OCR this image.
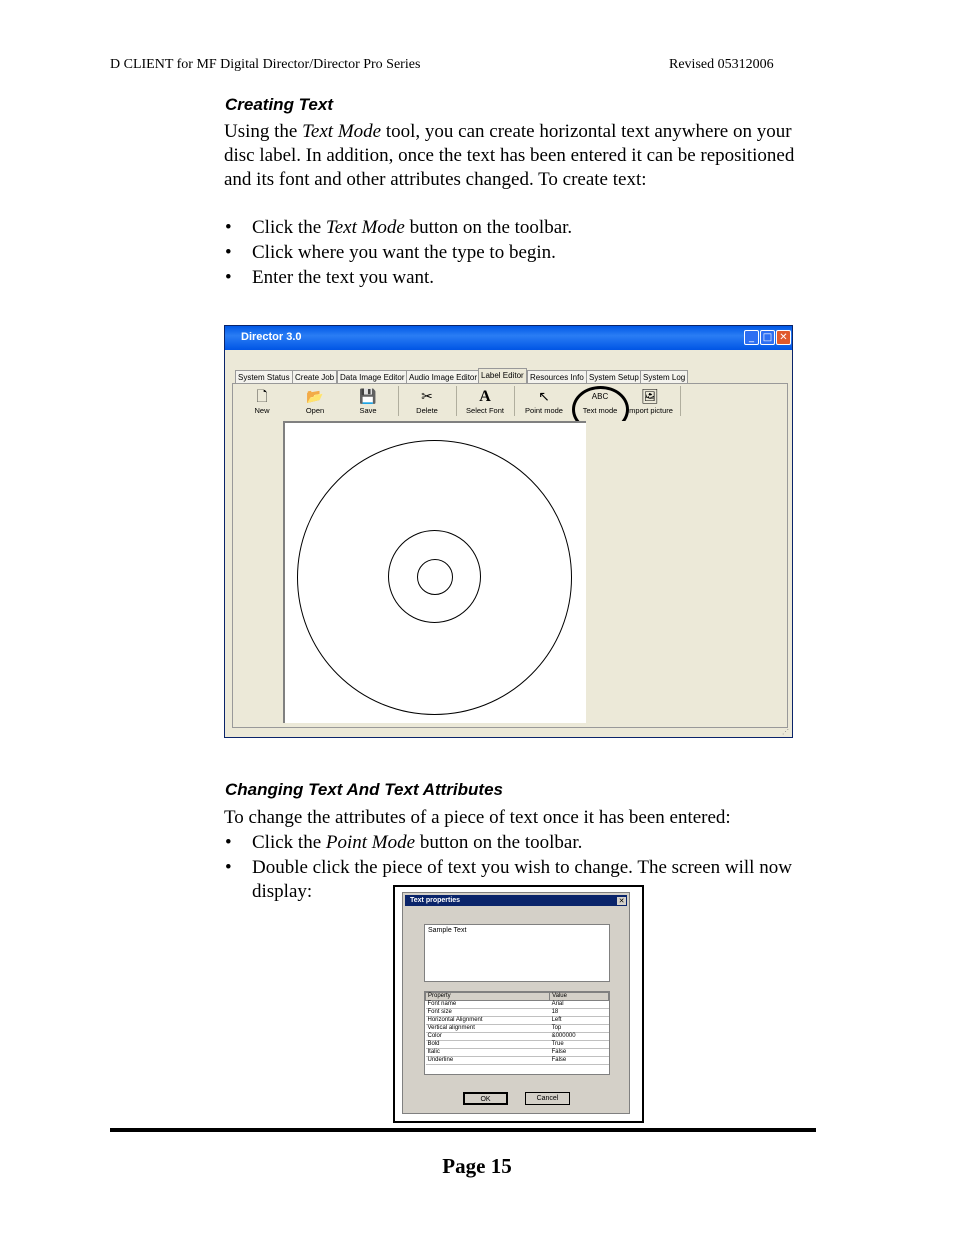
D CLIENT for MF Digital Director/Director Pro Series	Revised 05312006
Creating Text
Using the Text Mode tool, you can create horizontal text anywhere on your
disc label. In addition, once the text has been entered it can be repositioned
and its font and other attributes changed. To create text:
• Click the Text Mode button on the toolbar.
• Click where you want the type to begin.
• Enter the text you want.
Director 3.0	_ □ ✕
System Status Create Job Data Image Editor Audio Image Editor Label Editor Resources Info System Setup System Log
🗋
New
📂
Open
💾
Save
✂
Delete
A
Select Font
↖
Point mode
ABC
Text mode
🖼
Import picture
⋰
Changing Text And Text Attributes
To change the attributes of a piece of text once it has been entered:
• Click the Point Mode button on the toolbar.
• Double click the piece of text you wish to change. The screen will now
display:	Text properties	✕
Sample Text
Property	Value
Font name	Arial
Font size	18
Horizontal Alignment	Left
Vertical alignment	Top
Color	&000000
Bold	True
Italic	False
Underline	False
OK	Cancel
Page 15
